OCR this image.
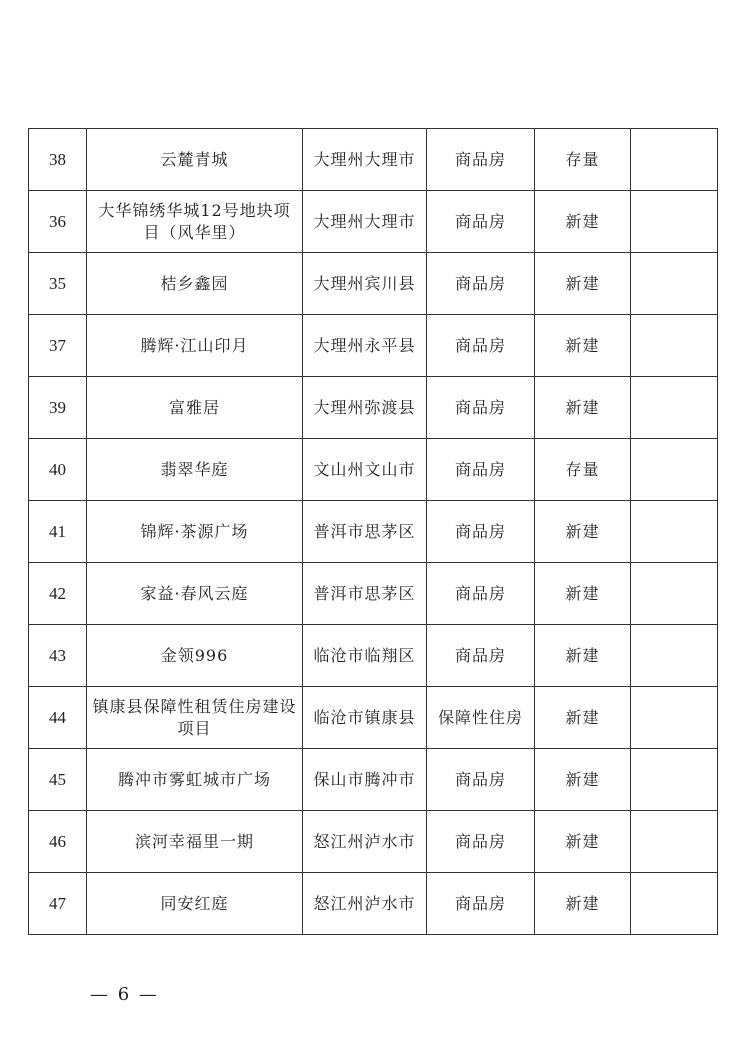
38	云麓青城	大理州大理市	商品房	存量	
36	大华锦绣华城12号地块项目（风华里）	大理州大理市	商品房	新建	
35	桔乡鑫园	大理州宾川县	商品房	新建	
37	腾辉·江山印月	大理州永平县	商品房	新建	
39	富雅居	大理州弥渡县	商品房	新建	
40	翡翠华庭	文山州文山市	商品房	存量	
41	锦辉·茶源广场	普洱市思茅区	商品房	新建	
42	家益·春风云庭	普洱市思茅区	商品房	新建	
43	金领996	临沧市临翔区	商品房	新建	
44	镇康县保障性租赁住房建设项目	临沧市镇康县	保障性住房	新建	
45	腾冲市雾虹城市广场	保山市腾冲市	商品房	新建	
46	滨河幸福里一期	怒江州泸水市	商品房	新建	
47	同安红庭	怒江州泸水市	商品房	新建	
— 6 —
